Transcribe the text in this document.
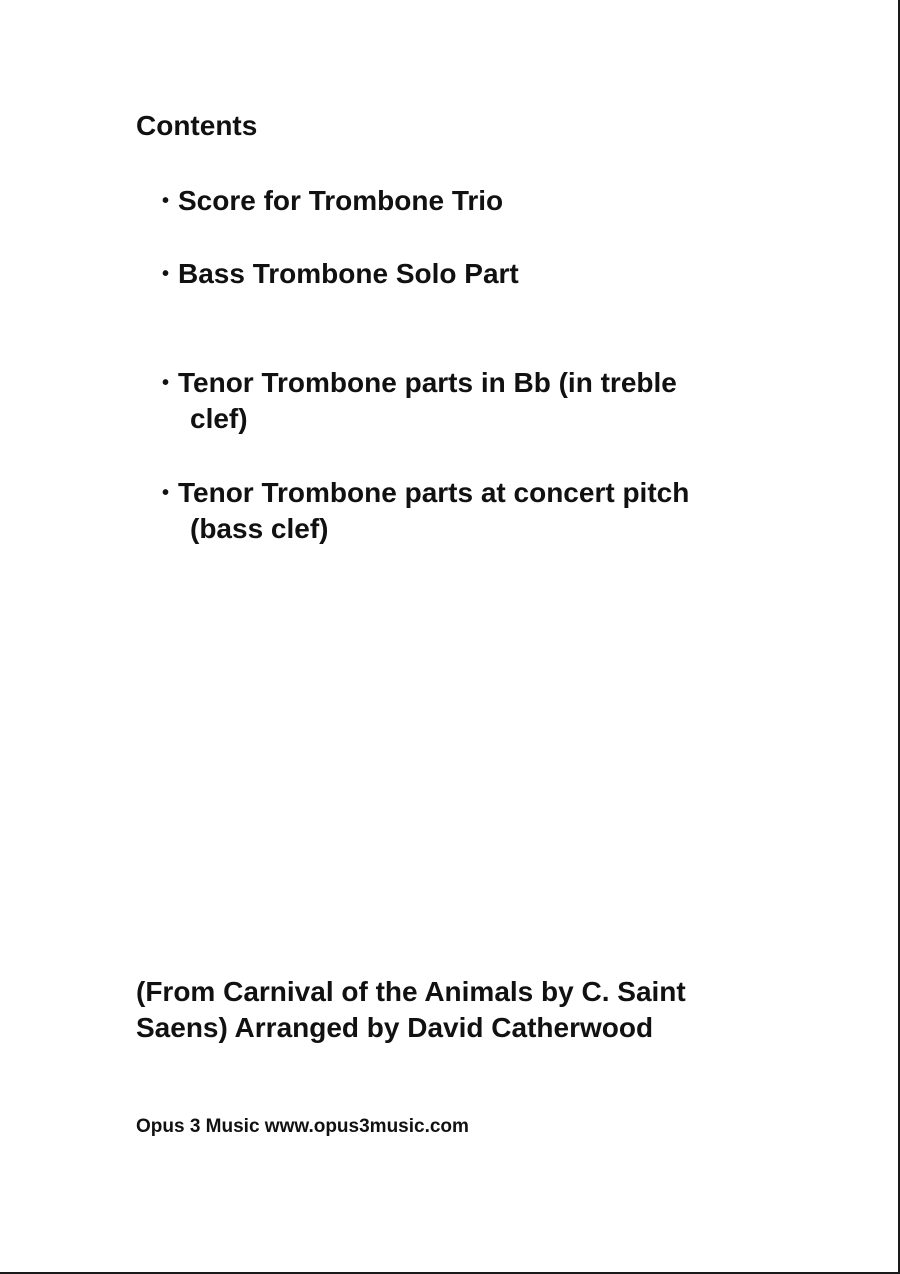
Contents
• Score for Trombone Trio
• Bass Trombone Solo Part
• Tenor Trombone parts in Bb (in treble
clef)
• Tenor Trombone parts at concert pitch
(bass clef)

(From Carnival of the Animals by C. Saint
Saens) Arranged by David Catherwood

Opus 3 Music www.opus3music.com
